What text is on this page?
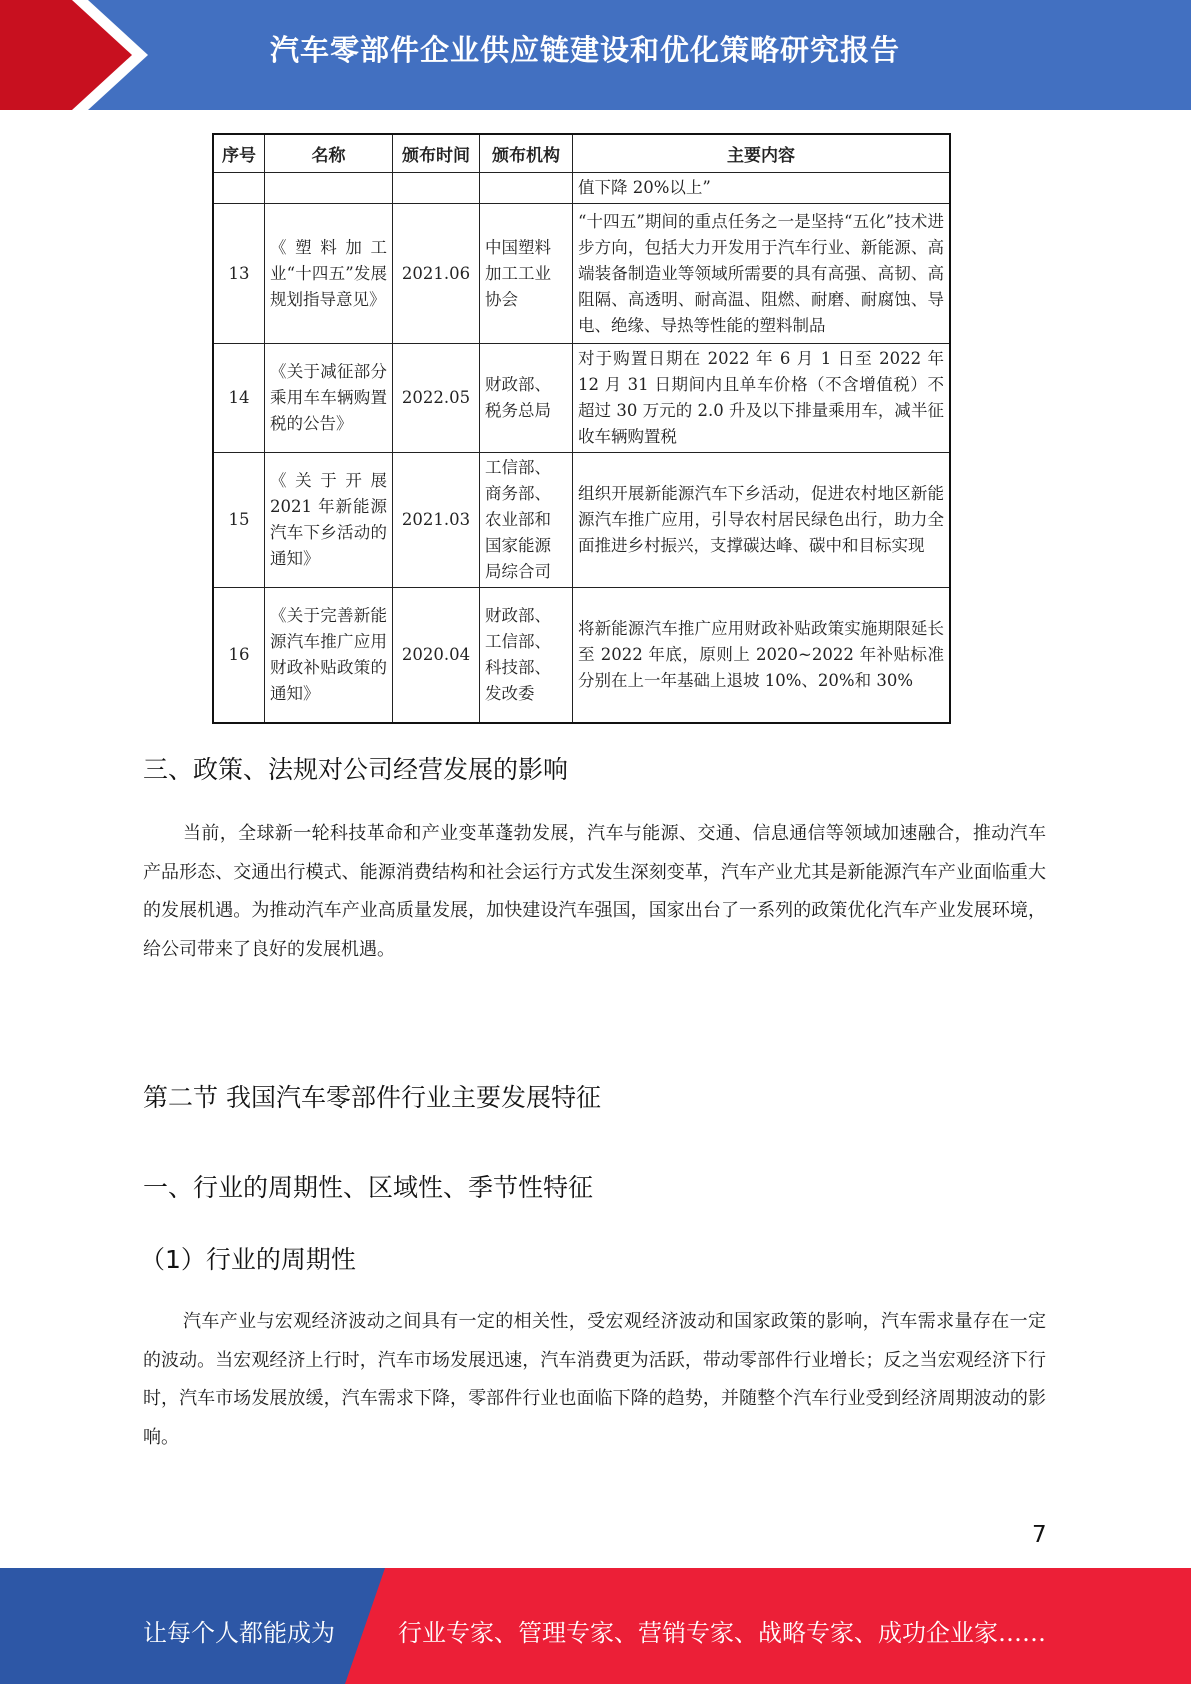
汽车零部件企业供应链建设和优化策略研究报告
序号	名称	颁布时间	颁布机构	主要内容
				值下降 20%以上”
13	《塑料加工业“十四五”发展规划指导意见》	2021.06	中国塑料加工工业协会	“十四五”期间的重点任务之一是坚持“五化”技术进步方向，包括大力开发用于汽车行业、新能源、高端装备制造业等领域所需要的具有高强、高韧、高阻隔、高透明、耐高温、阻燃、耐磨、耐腐蚀、导电、绝缘、导热等性能的塑料制品
14	《关于减征部分乘用车车辆购置税的公告》	2022.05	财政部、税务总局	对于购置日期在 2022 年 6 月 1 日至 2022 年 12 月 31 日期间内且单车价格（不含增值税）不超过 30 万元的 2.0 升及以下排量乘用车，减半征收车辆购置税
15	《关于开展 2021 年新能源汽车下乡活动的通知》	2021.03	工信部、商务部、农业部和国家能源局综合司	组织开展新能源汽车下乡活动，促进农村地区新能源汽车推广应用，引导农村居民绿色出行，助力全面推进乡村振兴，支撑碳达峰、碳中和目标实现
16	《关于完善新能源汽车推广应用财政补贴政策的通知》	2020.04	财政部、工信部、科技部、发改委	将新能源汽车推广应用财政补贴政策实施期限延长至 2022 年底，原则上 2020~2022 年补贴标准分别在上一年基础上退坡 10%、20%和 30%
三、政策、法规对公司经营发展的影响

当前，全球新一轮科技革命和产业变革蓬勃发展，汽车与能源、交通、信息通信等领域加速融合，推动汽车产品形态、交通出行模式、能源消费结构和社会运行方式发生深刻变革，汽车产业尤其是新能源汽车产业面临重大的发展机遇。为推动汽车产业高质量发展，加快建设汽车强国，国家出台了一系列的政策优化汽车产业发展环境，给公司带来了良好的发展机遇。

第二节 我国汽车零部件行业主要发展特征
一、行业的周期性、区域性、季节性特征
（1）行业的周期性

汽车产业与宏观经济波动之间具有一定的相关性，受宏观经济波动和国家政策的影响，汽车需求量存在一定的波动。当宏观经济上行时，汽车市场发展迅速，汽车消费更为活跃，带动零部件行业增长；反之当宏观经济下行时，汽车市场发展放缓，汽车需求下降，零部件行业也面临下降的趋势，并随整个汽车行业受到经济周期波动的影响。

7
让每个人都能成为	行业专家、管理专家、营销专家、战略专家、成功企业家……
